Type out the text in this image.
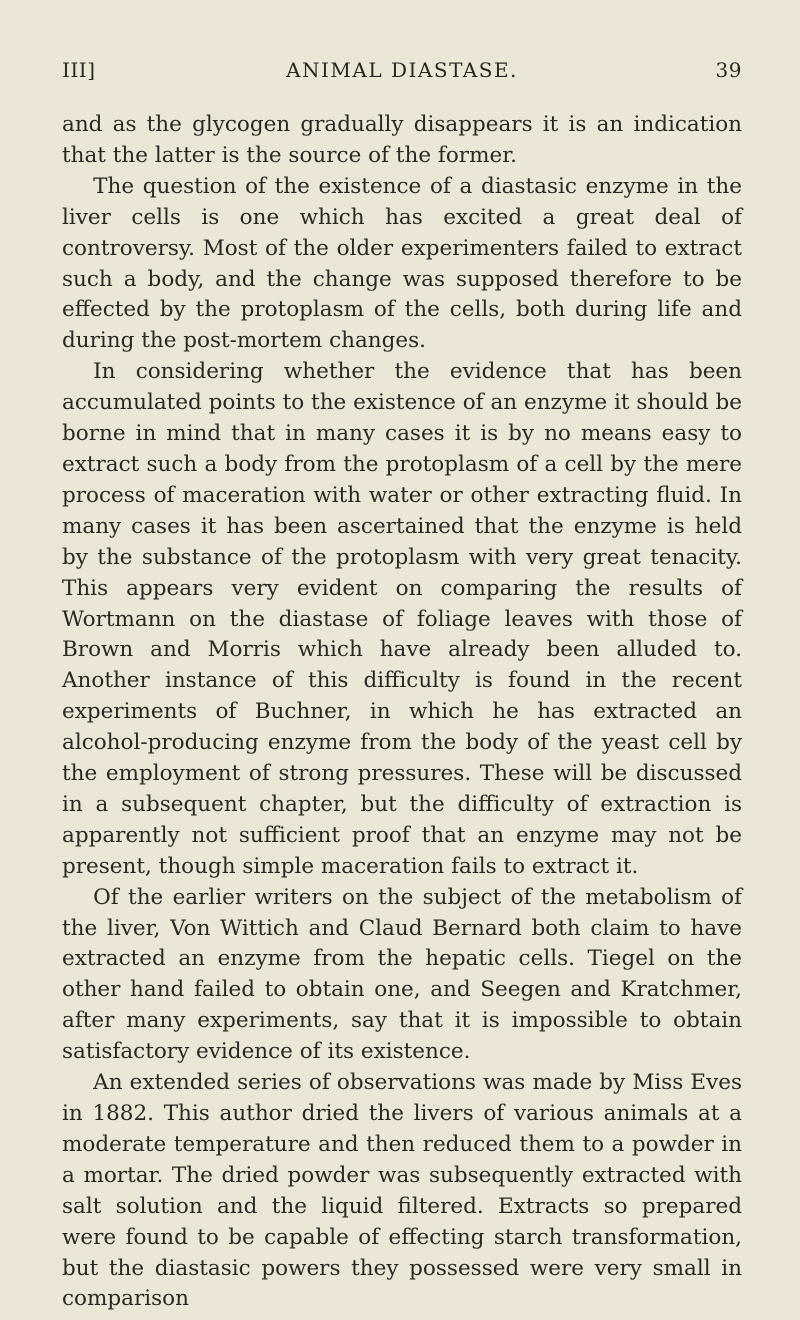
III]	ANIMAL DIASTASE.	39

and as the glycogen gradually disappears it is an indication that the latter is the source of the former.

The question of the existence of a diastasic enzyme in the liver cells is one which has excited a great deal of controversy. Most of the older experimenters failed to extract such a body, and the change was supposed therefore to be effected by the protoplasm of the cells, both during life and during the post-mortem changes.

In considering whether the evidence that has been accumulated points to the existence of an enzyme it should be borne in mind that in many cases it is by no means easy to extract such a body from the protoplasm of a cell by the mere process of maceration with water or other extracting fluid. In many cases it has been ascertained that the enzyme is held by the substance of the protoplasm with very great tenacity. This appears very evident on comparing the results of Wortmann on the diastase of foliage leaves with those of Brown and Morris which have already been alluded to. Another instance of this difficulty is found in the recent experiments of Buchner, in which he has extracted an alcohol-producing enzyme from the body of the yeast cell by the employment of strong pressures. These will be discussed in a subsequent chapter, but the difficulty of extraction is apparently not sufficient proof that an enzyme may not be present, though simple maceration fails to extract it.

Of the earlier writers on the subject of the metabolism of the liver, Von Wittich and Claud Bernard both claim to have extracted an enzyme from the hepatic cells. Tiegel on the other hand failed to obtain one, and Seegen and Kratchmer, after many experiments, say that it is impossible to obtain satisfactory evidence of its existence.

An extended series of observations was made by Miss Eves in 1882. This author dried the livers of various animals at a moderate temperature and then reduced them to a powder in a mortar. The dried powder was subsequently extracted with salt solution and the liquid filtered. Extracts so prepared were found to be capable of effecting starch transformation, but the diastasic powers they possessed were very small in comparison
